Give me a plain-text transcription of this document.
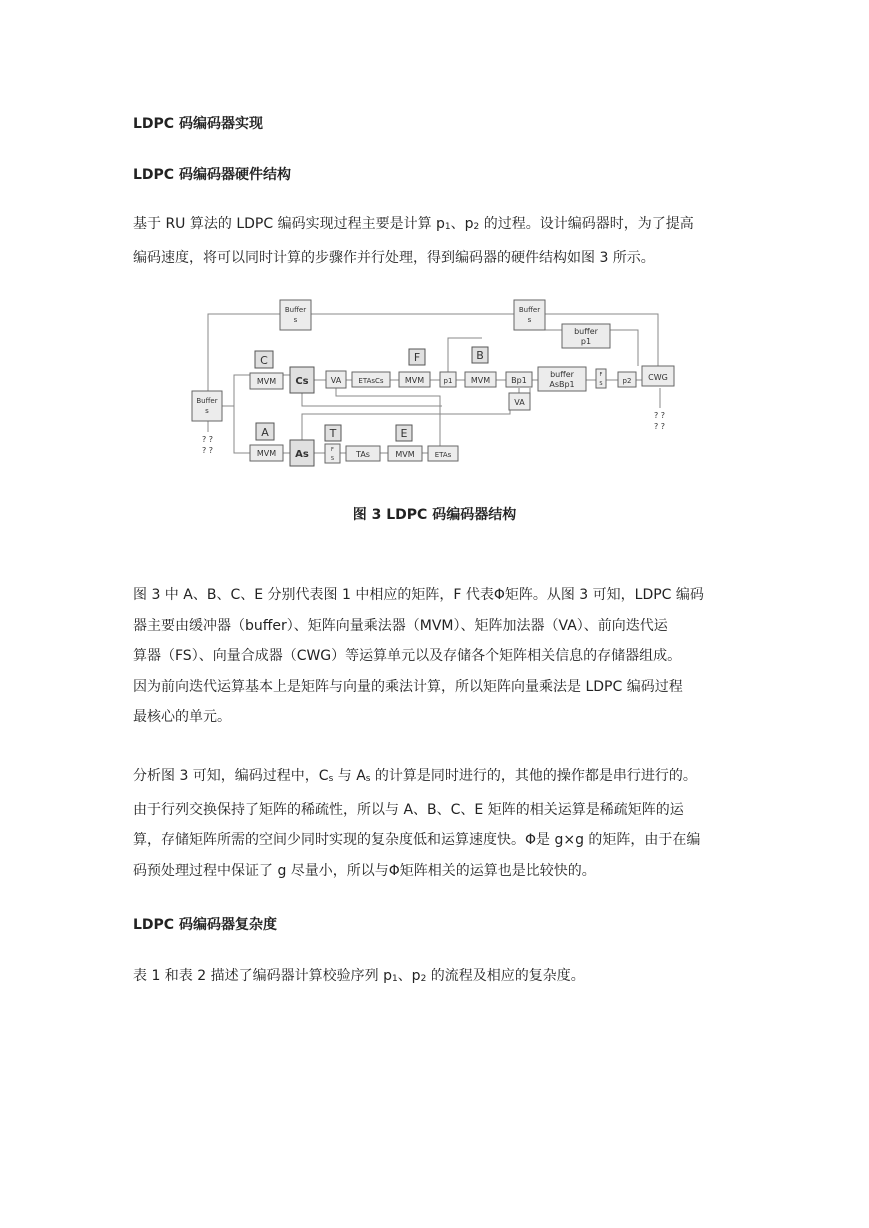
LDPC 码编码器实现
LDPC 码编码器硬件结构
基于 RU 算法的 LDPC 编码实现过程主要是计算 $p_1$、$p_2$ 的过程。设计编码器时，为了提高
编码速度，将可以同时计算的步骤作并行处理，得到编码器的硬件结构如图 3 所示。
Buffer
s
Buffer
s
Buffer
s
buffer
p1
C	F	B
A	T	E
MVM Cs	VA ETAsCs	MVM	p1 MVM	Bp1
buffer
AsBp1
F
S	p2 CWG
VA
MVM As	F
S	TAs	MVM	ETAs
? ?
? ?
? ?
? ?
图 3 LDPC 码编码器结构
图 3 中 A、B、C、E 分别代表图 1 中相应的矩阵，F 代表Φ矩阵。从图 3 可知，LDPC 编码
器主要由缓冲器（buffer）、矩阵向量乘法器（MVM）、矩阵加法器（VA）、前向迭代运
算器（FS）、向量合成器（CWG）等运算单元以及存储各个矩阵相关信息的存储器组成。
因为前向迭代运算基本上是矩阵与向量的乘法计算，所以矩阵向量乘法是 LDPC 编码过程
最核心的单元。
分析图 3 可知，编码过程中，$C_s$ 与 $A_s$ 的计算是同时进行的，其他的操作都是串行进行的。
由于行列交换保持了矩阵的稀疏性，所以与 A、B、C、E 矩阵的相关运算是稀疏矩阵的运
算，存储矩阵所需的空间少同时实现的复杂度低和运算速度快。Φ是 g×g 的矩阵，由于在编
码预处理过程中保证了 g 尽量小，所以与Φ矩阵相关的运算也是比较快的。
LDPC 码编码器复杂度
表 1 和表 2 描述了编码器计算校验序列 $p_1$、$p_2$ 的流程及相应的复杂度。
